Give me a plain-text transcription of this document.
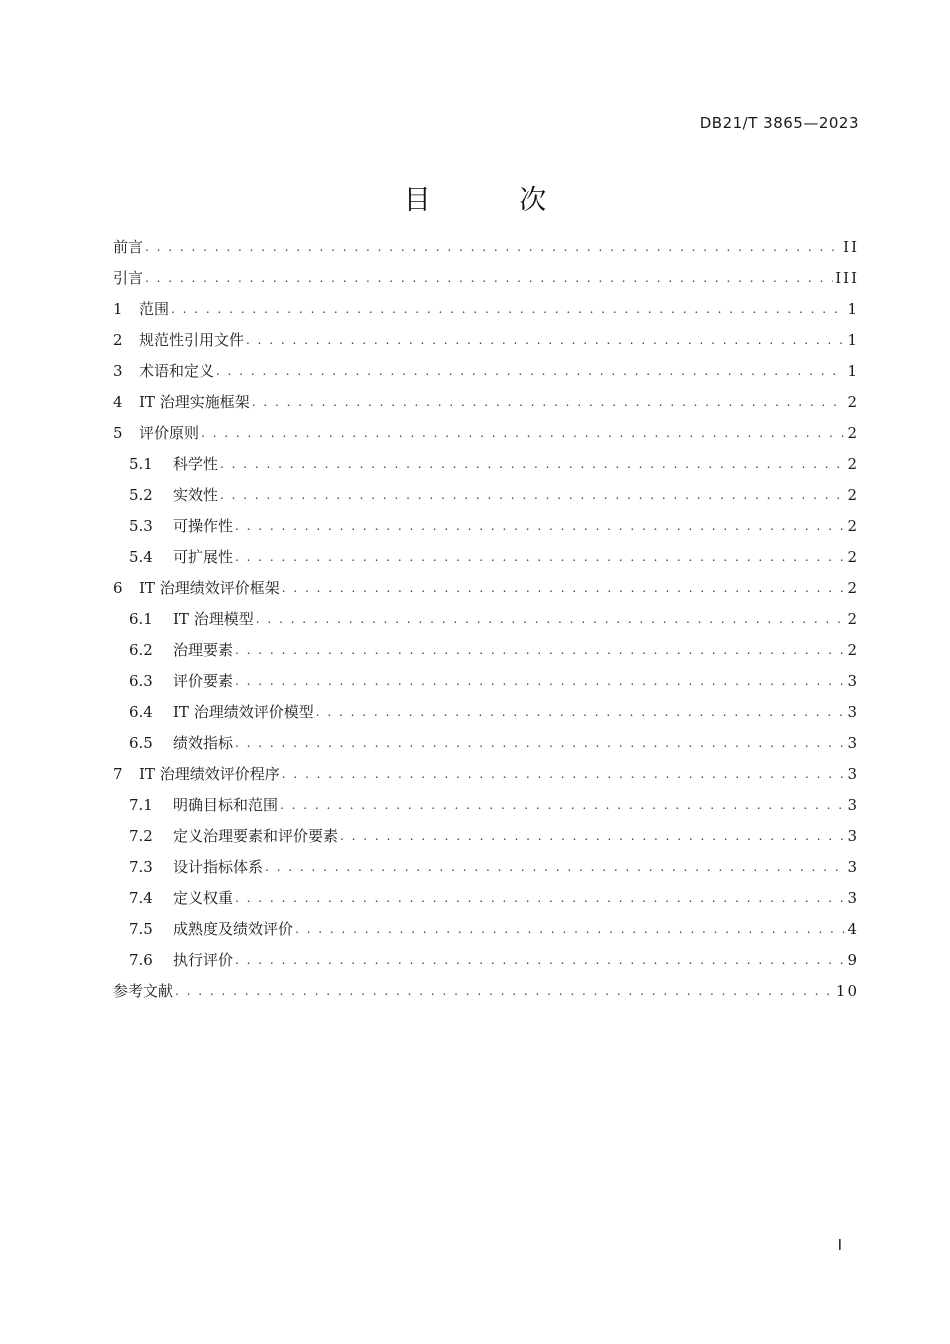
DB21/T 3865—2023
目 次
前言 . . .	II
引言 . . .	III
1	范围 . . .	1
2	规范性引用文件 . . .	1
3	术语和定义 . . .	1
4	IT 治理实施框架 . . .	2
5	评价原则 . . .	2
5.1	科学性 . . .	2
5.2	实效性 . . .	2
5.3	可操作性 . . .	2
5.4	可扩展性 . . .	2
6	IT 治理绩效评价框架 . . .	2
6.1	IT 治理模型 . . .	2
6.2	治理要素 . . .	2
6.3	评价要素 . . .	3
6.4	IT 治理绩效评价模型 . . .	3
6.5	绩效指标 . . .	3
7	IT 治理绩效评价程序 . . .	3
7.1	明确目标和范围 . . .	3
7.2	定义治理要素和评价要素 . . .	3
7.3	设计指标体系 . . .	3
7.4	定义权重 . . .	3
7.5	成熟度及绩效评价 . . .	4
7.6	执行评价 . . .	9
参考文献 . . .	10
I
